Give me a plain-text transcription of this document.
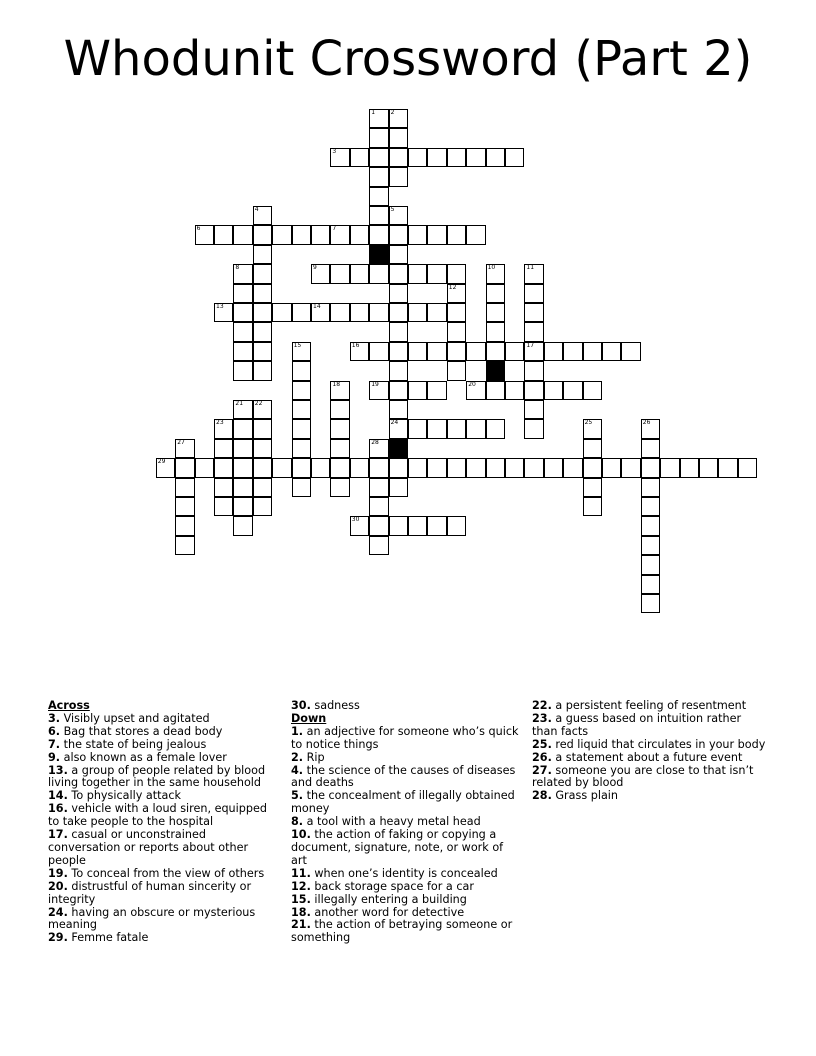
Whodunit Crossword (Part 2)
1	2
3
4	5
24
6	7
8	9	10	11
17
12
13	14
15	16
18	19	20
21 22
23	25	26
27	28
29
30
Across
3. Visibly upset and agitated
6. Bag that stores a dead body
7. the state of being jealous
9. also known as a female lover
13. a group of people related by blood living together in the same household
14. To physically attack
16. vehicle with a loud siren, equipped to take people to the hospital
17. casual or unconstrained conversation or reports about other people
19. To conceal from the view of others
20. distrustful of human sincerity or integrity
24. having an obscure or mysterious meaning
29. Femme fatale
30. sadness
Down
1. an adjective for someone who’s quick to notice things
2. Rip
4. the science of the causes of diseases and deaths
5. the concealment of illegally obtained money
8. a tool with a heavy metal head
10. the action of faking or copying a document, signature, note, or work of art
11. when one’s identity is concealed
12. back storage space for a car
15. illegally entering a building
18. another word for detective
21. the action of betraying someone or something
22. a persistent feeling of resentment
23. a guess based on intuition rather than facts
25. red liquid that circulates in your body
26. a statement about a future event
27. someone you are close to that isn’t related by blood
28. Grass plain
